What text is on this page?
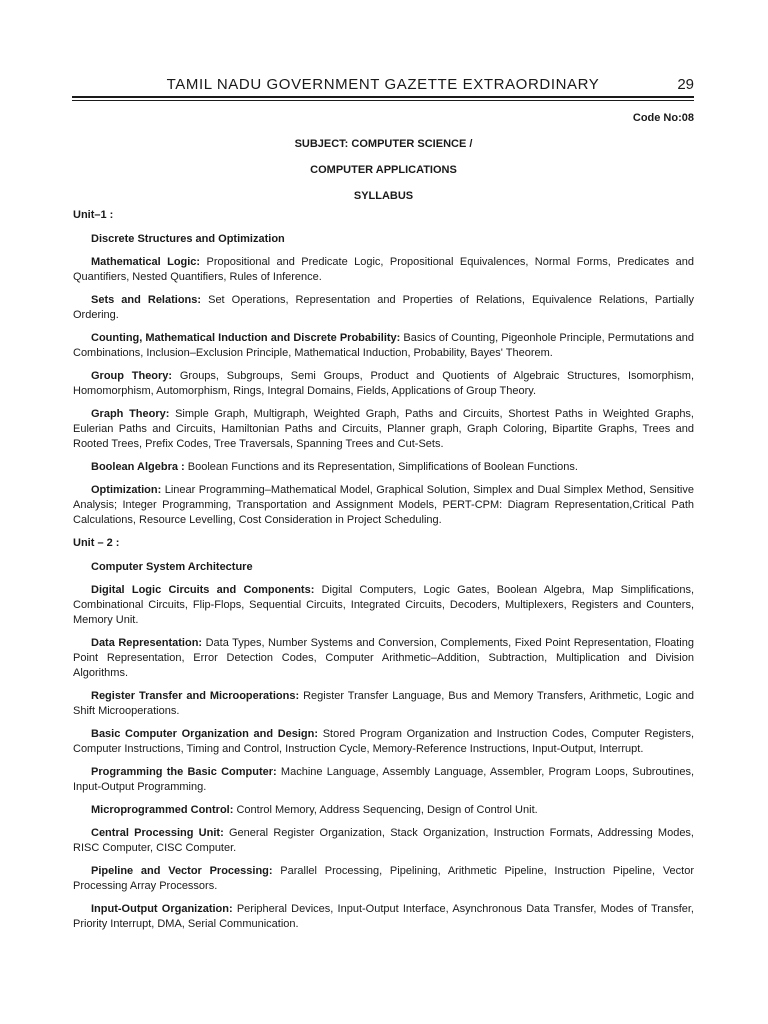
TAMIL NADU GOVERNMENT GAZETTE EXTRAORDINARY	29

Code No:08

SUBJECT: COMPUTER SCIENCE /

COMPUTER APPLICATIONS

SYLLABUS

Unit–1 :

Discrete Structures and Optimization

Mathematical Logic: Propositional and Predicate Logic, Propositional Equivalences, Normal Forms, Predicates and Quantifiers, Nested Quantifiers, Rules of Inference.

Sets and Relations: Set Operations, Representation and Properties of Relations, Equivalence Relations, Partially Ordering.

Counting, Mathematical Induction and Discrete Probability: Basics of Counting, Pigeonhole Principle, Permutations and Combinations, Inclusion–Exclusion Principle, Mathematical Induction, Probability, Bayes' Theorem.

Group Theory: Groups, Subgroups, Semi Groups, Product and Quotients of Algebraic Structures, Isomorphism, Homomorphism, Automorphism, Rings, Integral Domains, Fields, Applications of Group Theory.

Graph Theory: Simple Graph, Multigraph, Weighted Graph, Paths and Circuits, Shortest Paths in Weighted Graphs, Eulerian Paths and Circuits, Hamiltonian Paths and Circuits, Planner graph, Graph Coloring, Bipartite Graphs, Trees and Rooted Trees, Prefix Codes, Tree Traversals, Spanning Trees and Cut-Sets.

Boolean Algebra : Boolean Functions and its Representation, Simplifications of Boolean Functions.

Optimization: Linear Programming–Mathematical Model, Graphical Solution, Simplex and Dual Simplex Method, Sensitive Analysis; Integer Programming, Transportation and Assignment Models, PERT-CPM: Diagram Representation,Critical Path Calculations, Resource Levelling, Cost Consideration in Project Scheduling.

Unit – 2 :

Computer System Architecture

Digital Logic Circuits and Components: Digital Computers, Logic Gates, Boolean Algebra, Map Simplifications, Combinational Circuits, Flip-Flops, Sequential Circuits, Integrated Circuits, Decoders, Multiplexers, Registers and Counters, Memory Unit.

Data Representation: Data Types, Number Systems and Conversion, Complements, Fixed Point Representation, Floating Point Representation, Error Detection Codes, Computer Arithmetic–Addition, Subtraction, Multiplication and Division Algorithms.

Register Transfer and Microoperations: Register Transfer Language, Bus and Memory Transfers, Arithmetic, Logic and Shift Microoperations.

Basic Computer Organization and Design: Stored Program Organization and Instruction Codes, Computer Registers, Computer Instructions, Timing and Control, Instruction Cycle, Memory-Reference Instructions, Input-Output, Interrupt.

Programming the Basic Computer: Machine Language, Assembly Language, Assembler, Program Loops, Subroutines, Input-Output Programming.

Microprogrammed Control: Control Memory, Address Sequencing, Design of Control Unit.

Central Processing Unit: General Register Organization, Stack Organization, Instruction Formats, Addressing Modes, RISC Computer, CISC Computer.

Pipeline and Vector Processing: Parallel Processing, Pipelining, Arithmetic Pipeline, Instruction Pipeline, Vector Processing Array Processors.

Input-Output Organization: Peripheral Devices, Input-Output Interface, Asynchronous Data Transfer, Modes of Transfer, Priority Interrupt, DMA, Serial Communication.
